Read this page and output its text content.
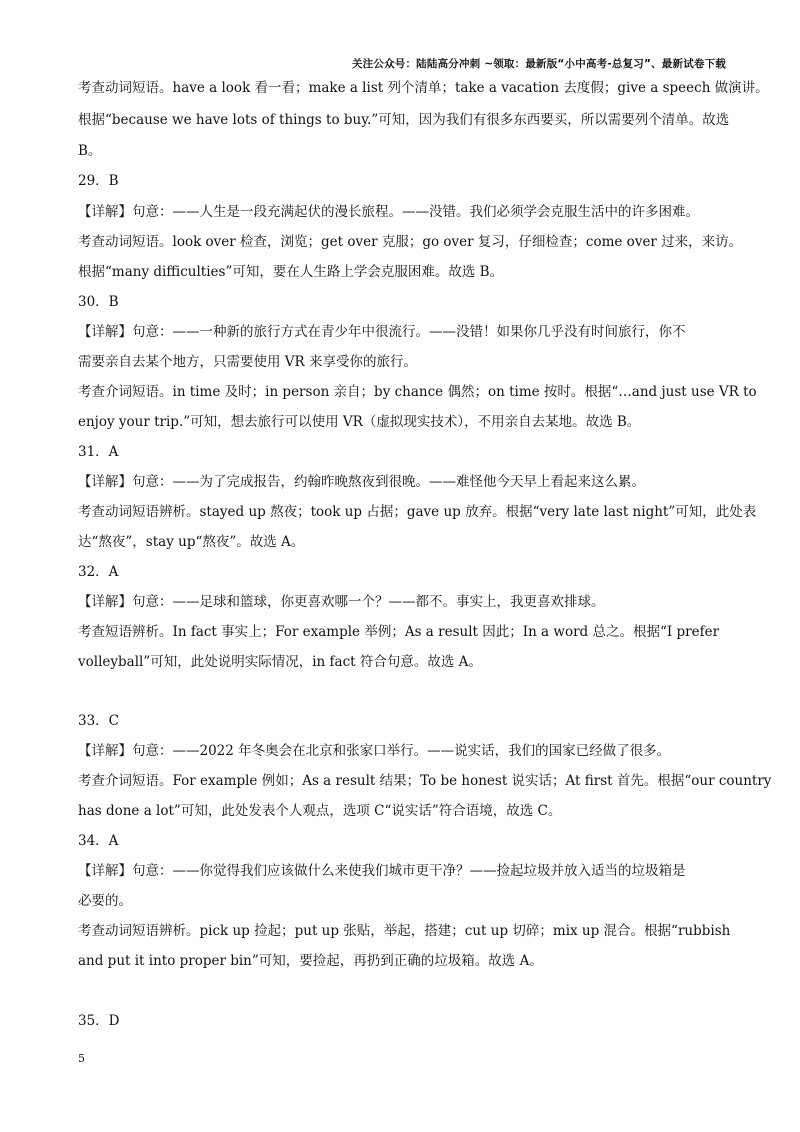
关注公众号：陆陆高分冲刺 ~领取：最新版“小中高考-总复习”、最新试卷下载
考查动词短语。have a look 看一看；make a list 列个清单；take a vacation 去度假；give a speech 做演讲。
根据“because we have lots of things to buy.”可知，因为我们有很多东西要买，所以需要列个清单。故选
B。
29．B
【详解】句意：——人生是一段充满起伏的漫长旅程。——没错。我们必须学会克服生活中的许多困难。
考查动词短语。look over 检查，浏览；get over 克服；go over 复习，仔细检查；come over 过来，来访。
根据“many difficulties”可知，要在人生路上学会克服困难。故选 B。
30．B
【详解】句意：——一种新的旅行方式在青少年中很流行。——没错！如果你几乎没有时间旅行，你不
需要亲自去某个地方，只需要使用 VR 来享受你的旅行。
考查介词短语。in time 及时；in person 亲自；by chance 偶然；on time 按时。根据“…and just use VR to
enjoy your trip.”可知，想去旅行可以使用 VR（虚拟现实技术），不用亲自去某地。故选 B。
31．A
【详解】句意：——为了完成报告，约翰昨晚熬夜到很晚。——难怪他今天早上看起来这么累。
考查动词短语辨析。stayed up 熬夜；took up 占据；gave up 放弃。根据“very late last night”可知，此处表
达“熬夜”，stay up“熬夜”。故选 A。
32．A
【详解】句意：——足球和篮球，你更喜欢哪一个？——都不。事实上，我更喜欢排球。
考查短语辨析。In fact 事实上；For example 举例；As a result 因此；In a word 总之。根据“I prefer
volleyball”可知，此处说明实际情况，in fact 符合句意。故选 A。
33．C
【详解】句意：——2022 年冬奥会在北京和张家口举行。——说实话，我们的国家已经做了很多。
考查介词短语。For example 例如；As a result 结果；To be honest 说实话；At first 首先。根据“our country
has done a lot”可知，此处发表个人观点，选项 C“说实话”符合语境，故选 C。
34．A
【详解】句意：——你觉得我们应该做什么来使我们城市更干净？——捡起垃圾并放入适当的垃圾箱是
必要的。
考查动词短语辨析。pick up 捡起；put up 张贴，举起，搭建；cut up 切碎；mix up 混合。根据“rubbish
and put it into proper bin”可知，要捡起，再扔到正确的垃圾箱。故选 A。
35．D
5
